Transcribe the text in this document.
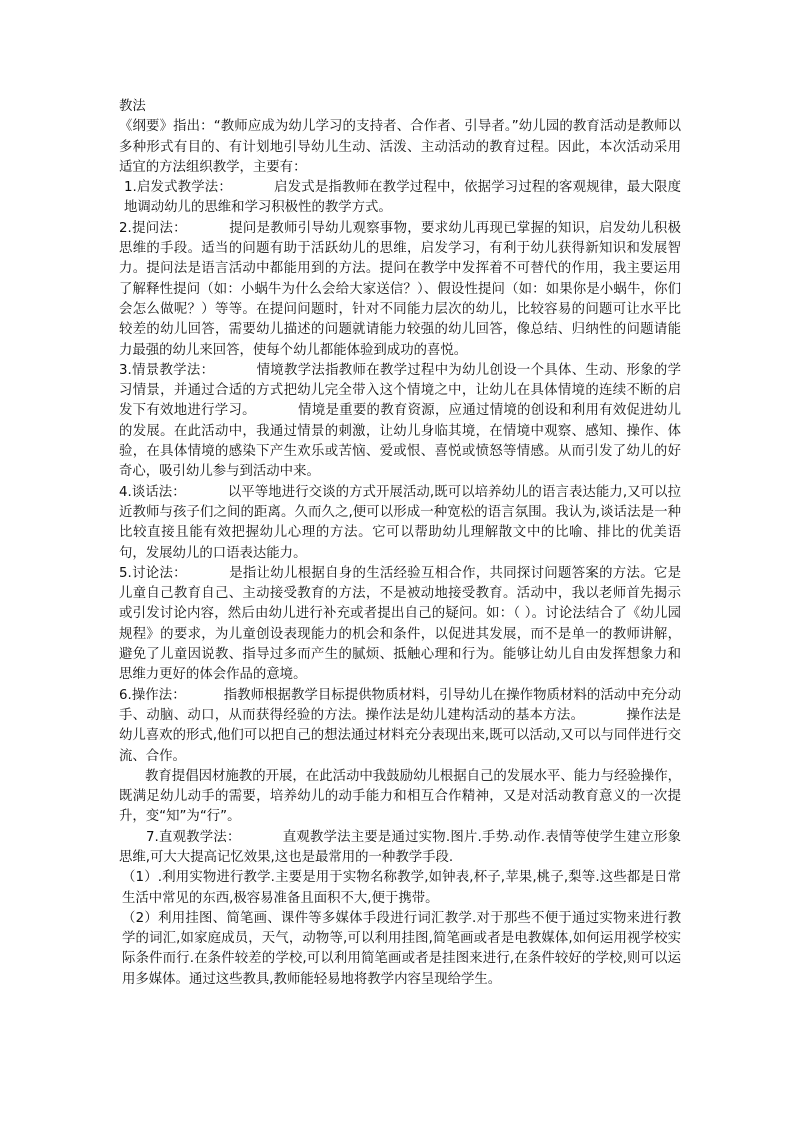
教法

《纲要》指出：“教师应成为幼儿学习的支持者、合作者、引导者。”幼儿园的教育活动是教师以多种形式有目的、有计划地引导幼儿生动、活泼、主动活动的教育过程。因此，本次活动采用适宜的方法组织教学，主要有：

1.启发式教学法：	启发式是指教师在教学过程中，依据学习过程的客观规律，最大限度地调动幼儿的思维和学习积极性的教学方式。

2.提问法：	提问是教师引导幼儿观察事物，要求幼儿再现已掌握的知识，启发幼儿积极思维的手段。适当的问题有助于活跃幼儿的思维，启发学习，有利于幼儿获得新知识和发展智力。提问法是语言活动中都能用到的方法。提问在教学中发挥着不可替代的作用，我主要运用了解释性提问（如：小蜗牛为什么会给大家送信？）、假设性提问（如：如果你是小蜗牛，你们会怎么做呢？）等等。在提问问题时，针对不同能力层次的幼儿，比较容易的问题可让水平比较差的幼儿回答，需要幼儿描述的问题就请能力较强的幼儿回答，像总结、归纳性的问题请能力最强的幼儿来回答，使每个幼儿都能体验到成功的喜悦。

3.情景教学法：	情境教学法指教师在教学过程中为幼儿创设一个具体、生动、形象的学习情景，并通过合适的方式把幼儿完全带入这个情境之中，让幼儿在具体情境的连续不断的启发下有效地进行学习。	情境是重要的教育资源，应通过情境的创设和利用有效促进幼儿的发展。在此活动中，我通过情景的刺激，让幼儿身临其境，在情境中观察、感知、操作、体验，在具体情境的感染下产生欢乐或苦恼、爱或恨、喜悦或愤怒等情感。从而引发了幼儿的好奇心，吸引幼儿参与到活动中来。

4.谈话法：	以平等地进行交谈的方式开展活动,既可以培养幼儿的语言表达能力,又可以拉近教师与孩子们之间的距离。久而久之,便可以形成一种宽松的语言氛围。我认为,谈话法是一种比较直接且能有效把握幼儿心理的方法。它可以帮助幼儿理解散文中的比喻、排比的优美语句，发展幼儿的口语表达能力。

5.讨论法：	是指让幼儿根据自身的生活经验互相合作，共同探讨问题答案的方法。它是儿童自己教育自己、主动接受教育的方法，不是被动地接受教育。活动中，我以老师首先揭示或引发讨论内容，然后由幼儿进行补充或者提出自己的疑问。如：（ ）。讨论法结合了《幼儿园规程》的要求，为儿童创设表现能力的机会和条件，以促进其发展，而不是单一的教师讲解，避免了儿童因说教、指导过多而产生的腻烦、抵触心理和行为。能够让幼儿自由发挥想象力和思维力更好的体会作品的意境。

6.操作法：	指教师根据教学目标提供物质材料，引导幼儿在操作物质材料的活动中充分动手、动脑、动口，从而获得经验的方法。操作法是幼儿建构活动的基本方法。	操作法是幼儿喜欢的形式,他们可以把自己的想法通过材料充分表现出来,既可以活动,又可以与同伴进行交流、合作。

教育提倡因材施教的开展，在此活动中我鼓励幼儿根据自己的发展水平、能力与经验操作，既满足幼儿动手的需要，培养幼儿的动手能力和相互合作精神，又是对活动教育意义的一次提升，变“知”为“行”。

7.直观教学法：	直观教学法主要是通过实物.图片.手势.动作.表情等使学生建立形象思维,可大大提高记忆效果,这也是最常用的一种教学手段.

（1）.利用实物进行教学.主要是用于实物名称教学,如钟表,杯子,苹果,桃子,梨等.这些都是日常生活中常见的东西,极容易准备且面积不大,便于携带。

（2）利用挂图、简笔画、课件等多媒体手段进行词汇教学.对于那些不便于通过实物来进行教学的词汇,如家庭成员，天气，动物等,可以利用挂图,简笔画或者是电教媒体,如何运用视学校实际条件而行.在条件较差的学校,可以利用简笔画或者是挂图来进行,在条件较好的学校,则可以运用多媒体。通过这些教具,教师能轻易地将教学内容呈现给学生。
